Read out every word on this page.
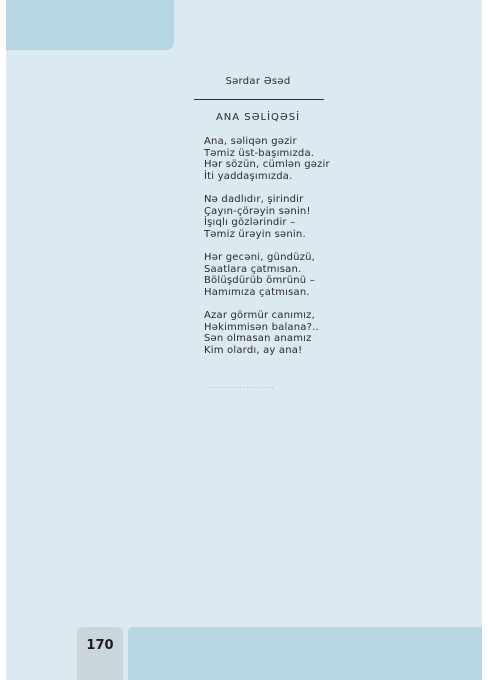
Sərdar Əsəd
ANA SƏLİQƏSİ
Ana, səliqən gəzir
Təmiz üst-başımızda.
Hər sözün, cümlən gəzir
İti yaddaşımızda.
Nə dadlıdır, şirindir
Çayın-çörəyin sənin!
İşıqlı gözlərindir –
Təmiz ürəyin sənin.
Hər gecəni, gündüzü,
Saatlara çatmısan.
Bölüşdürüb ömrünü –
Hamımıza çatmısan.
Azar görmür canımız,
Həkimmisən balana?..
Sən olmasan anamız
Kim olardı, ay ana!
....................
170
